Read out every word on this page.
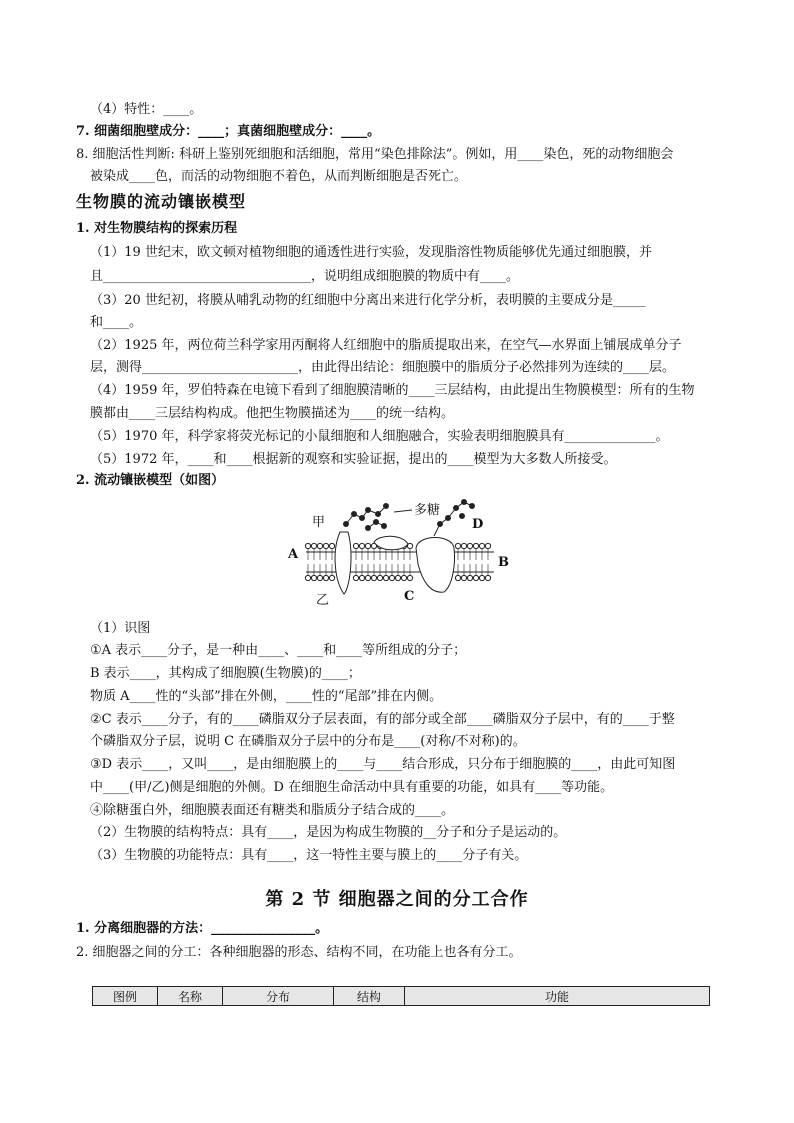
（4）特性：____。
7. 细菌细胞壁成分：____；真菌细胞壁成分：____。
8. 细胞活性判断: 科研上鉴别死细胞和活细胞，常用“染色排除法”。例如，用____染色，死的动物细胞会
被染成____色，而活的动物细胞不着色，从而判断细胞是否死亡。
生物膜的流动镶嵌模型
1. 对生物膜结构的探索历程
（1）19 世纪末，欧文顿对植物细胞的通透性进行实验，发现脂溶性物质能够优先通过细胞膜，并
且________________________________，说明组成细胞膜的物质中有____。
（3）20 世纪初，将膜从哺乳动物的红细胞中分离出来进行化学分析，表明膜的主要成分是_____
和____。
（2）1925 年，两位荷兰科学家用丙酮将人红细胞中的脂质提取出来，在空气—水界面上铺展成单分子
层，测得________________________，由此得出结论：细胞膜中的脂质分子必然排列为连续的____层。
（4）1959 年，罗伯特森在电镜下看到了细胞膜清晰的____三层结构，由此提出生物膜模型：所有的生物
膜都由____三层结构构成。他把生物膜描述为____的统一结构。
（5）1970 年，科学家将荧光标记的小鼠细胞和人细胞融合，实验表明细胞膜具有______________。
（5）1972 年，____和____根据新的观察和实验证据，提出的____模型为大多数人所接受。
2. 流动镶嵌模型（如图）
甲
乙
多糖
A
B
C
D
（1）识图
①A 表示____分子，是一种由____、____和____等所组成的分子；
B 表示____，其构成了细胞膜(生物膜)的____；
物质 A____性的“头部”排在外侧，____性的“尾部”排在内侧。
②C 表示____分子，有的____磷脂双分子层表面，有的部分或全部____磷脂双分子层中，有的____于整
个磷脂双分子层，说明 C 在磷脂双分子层中的分布是____(对称/不对称)的。
③D 表示____，又叫____，是由细胞膜上的____与____结合形成，只分布于细胞膜的____，由此可知图
中____(甲/乙)侧是细胞的外侧。D 在细胞生命活动中具有重要的功能，如具有____等功能。
④除糖蛋白外，细胞膜表面还有糖类和脂质分子结合成的____。
（2）生物膜的结构特点：具有____，是因为构成生物膜的__分子和分子是运动的。
（3）生物膜的功能特点：具有____，这一特性主要与膜上的____分子有关。
第 2 节 细胞器之间的分工合作
1. 分离细胞器的方法：________________。
2. 细胞器之间的分工：各种细胞器的形态、结构不同，在功能上也各有分工。
图例	名称	分布	结构	功能
